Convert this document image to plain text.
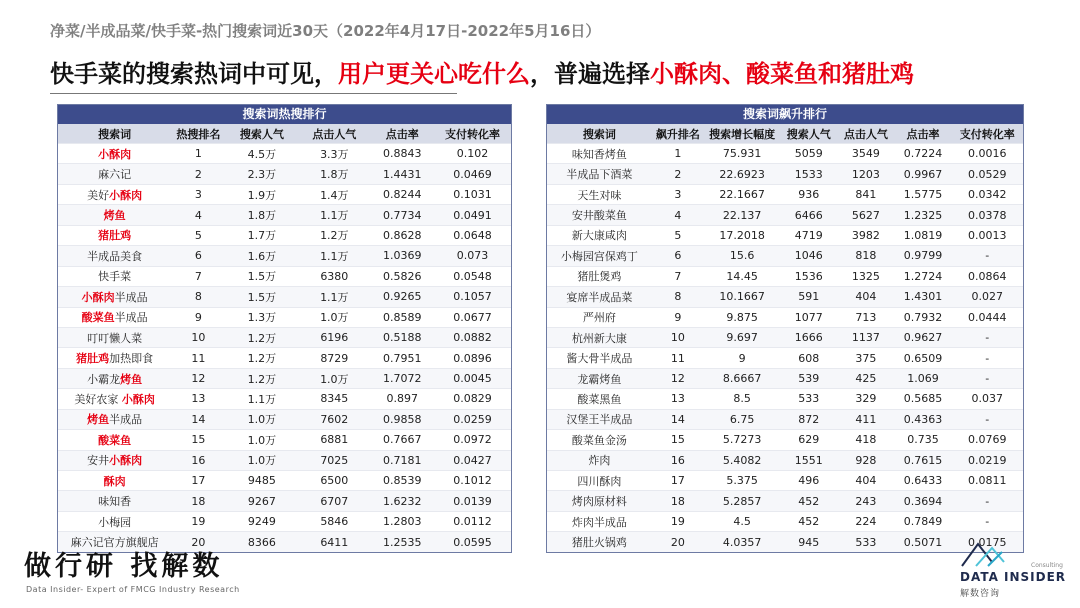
净菜/半成品菜/快手菜-热门搜索词近30天（2022年4月17日-2022年5月16日）
快手菜的搜索热词中可见，用户更关心吃什么，普遍选择小酥肉、酸菜鱼和猪肚鸡
搜索词热搜排行
搜索词	热搜排名	搜索人气	点击人气	点击率	支付转化率
小酥肉	1	4.5万	3.3万	0.8843	0.102
麻六记	2	2.3万	1.8万	1.4431	0.0469
美好小酥肉	3	1.9万	1.4万	0.8244	0.1031
烤鱼	4	1.8万	1.1万	0.7734	0.0491
猪肚鸡	5	1.7万	1.2万	0.8628	0.0648
半成品美食	6	1.6万	1.1万	1.0369	0.073
快手菜	7	1.5万	6380	0.5826	0.0548
小酥肉半成品	8	1.5万	1.1万	0.9265	0.1057
酸菜鱼半成品	9	1.3万	1.0万	0.8589	0.0677
叮叮懒人菜	10	1.2万	6196	0.5188	0.0882
猪肚鸡加热即食	11	1.2万	8729	0.7951	0.0896
小霸龙烤鱼	12	1.2万	1.0万	1.7072	0.0045
美好农家 小酥肉	13	1.1万	8345	0.897	0.0829
烤鱼半成品	14	1.0万	7602	0.9858	0.0259
酸菜鱼	15	1.0万	6881	0.7667	0.0972
安井小酥肉	16	1.0万	7025	0.7181	0.0427
酥肉	17	9485	6500	0.8539	0.1012
味知香	18	9267	6707	1.6232	0.0139
小梅园	19	9249	5846	1.2803	0.0112
麻六记官方旗舰店	20	8366	6411	1.2535	0.0595
搜索词飙升排行
搜索词	飙升排名	搜索增长幅度	搜索人气	点击人气	点击率	支付转化率
味知香烤鱼	1	75.931	5059	3549	0.7224	0.0016
半成品下酒菜	2	22.6923	1533	1203	0.9967	0.0529
天生对味	3	22.1667	936	841	1.5775	0.0342
安井酸菜鱼	4	22.137	6466	5627	1.2325	0.0378
新大康咸肉	5	17.2018	4719	3982	1.0819	0.0013
小梅园宫保鸡丁	6	15.6	1046	818	0.9799	-
猪肚煲鸡	7	14.45	1536	1325	1.2724	0.0864
宴席半成品菜	8	10.1667	591	404	1.4301	0.027
严州府	9	9.875	1077	713	0.7932	0.0444
杭州新大康	10	9.697	1666	1137	0.9627	-
酱大骨半成品	11	9	608	375	0.6509	-
龙霸烤鱼	12	8.6667	539	425	1.069	-
酸菜黑鱼	13	8.5	533	329	0.5685	0.037
汉堡王半成品	14	6.75	872	411	0.4363	-
酸菜鱼金汤	15	5.7273	629	418	0.735	0.0769
炸肉	16	5.4082	1551	928	0.7615	0.0219
四川酥肉	17	5.375	496	404	0.6433	0.0811
烤肉原材料	18	5.2857	452	243	0.3694	-
炸肉半成品	19	4.5	452	224	0.7849	-
猪肚火锅鸡	20	4.0357	945	533	0.5071	0.0175
做行研 找解数
Data Insider- Expert of FMCG Industry Research
Consulting
DATA INSIDER
解数咨询
